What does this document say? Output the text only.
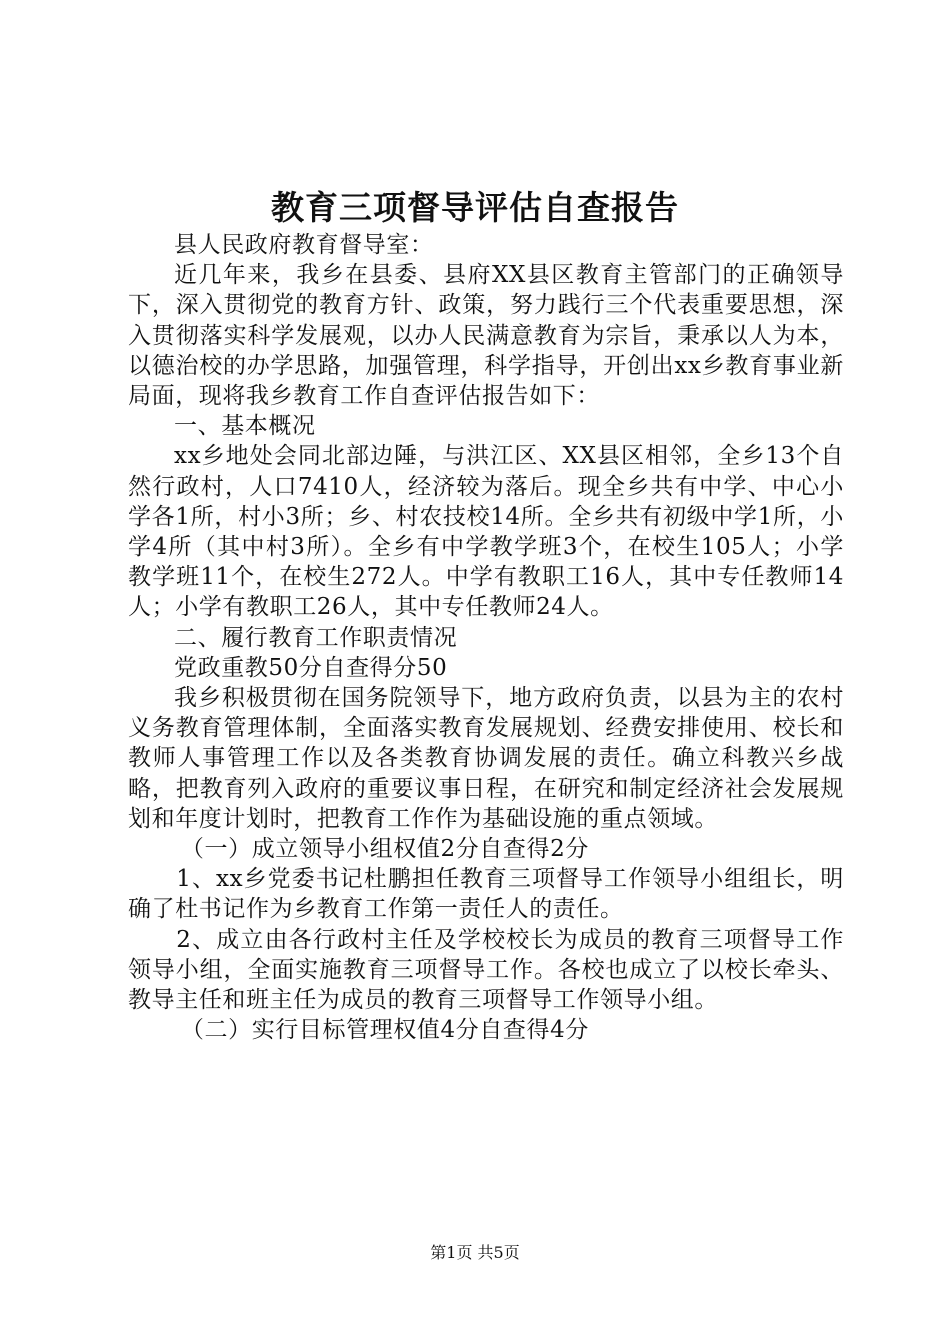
教育三项督导评估自查报告

县人民政府教育督导室：

近几年来，我乡在县委、县府XX县区教育主管部门的正确领导下，深入贯彻党的教育方针、政策，努力践行三个代表重要思想，深入贯彻落实科学发展观，以办人民满意教育为宗旨，秉承以人为本，以德治校的办学思路，加强管理，科学指导，开创出xx乡教育事业新局面，现将我乡教育工作自查评估报告如下：

一、基本概况

xx乡地处会同北部边陲，与洪江区、XX县区相邻，全乡13个自然行政村，人口7410人，经济较为落后。现全乡共有中学、中心小学各1所，村小3所；乡、村农技校14所。全乡共有初级中学1所，小学4所（其中村3所）。全乡有中学教学班3个，在校生105人；小学教学班11个，在校生272人。中学有教职工16人，其中专任教师14人；小学有教职工26人，其中专任教师24人。

二、履行教育工作职责情况

党政重教50分自查得分50

我乡积极贯彻在国务院领导下，地方政府负责，以县为主的农村义务教育管理体制，全面落实教育发展规划、经费安排使用、校长和教师人事管理工作以及各类教育协调发展的责任。确立科教兴乡战略，把教育列入政府的重要议事日程，在研究和制定经济社会发展规划和年度计划时，把教育工作作为基础设施的重点领域。

（一）成立领导小组权值2分自查得2分

1、xx乡党委书记杜鹏担任教育三项督导工作领导小组组长，明确了杜书记作为乡教育工作第一责任人的责任。

2、成立由各行政村主任及学校校长为成员的教育三项督导工作领导小组，全面实施教育三项督导工作。各校也成立了以校长牵头、教导主任和班主任为成员的教育三项督导工作领导小组。

（二）实行目标管理权值4分自查得4分

第1页 共5页
